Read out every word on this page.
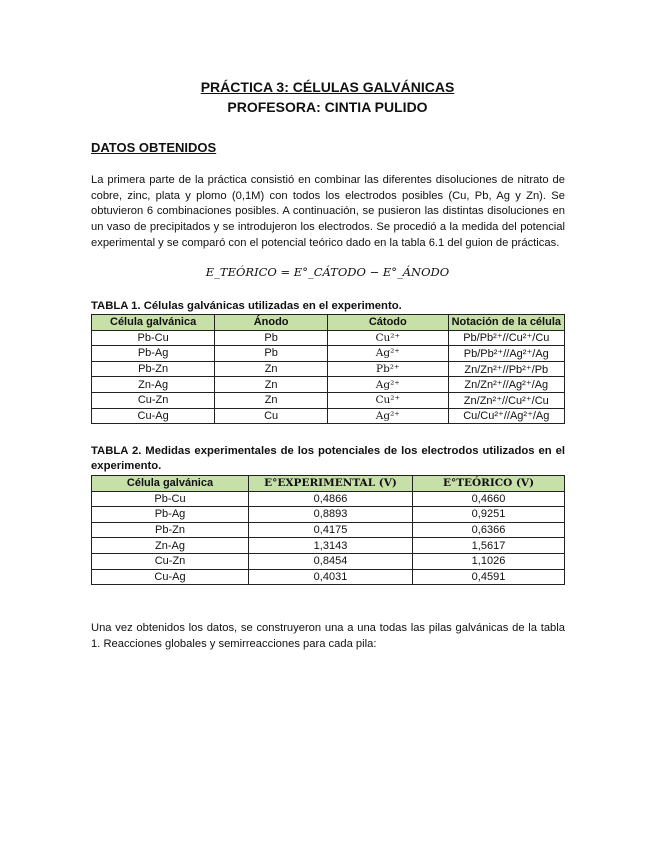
PRÁCTICA 3: CÉLULAS GALVÁNICAS
PROFESORA: CINTIA PULIDO
DATOS OBTENIDOS
La primera parte de la práctica consistió en combinar las diferentes disoluciones de nitrato de cobre, zinc, plata y plomo (0,1M) con todos los electrodos posibles (Cu, Pb, Ag y Zn). Se obtuvieron 6 combinaciones posibles. A continuación, se pusieron las distintas disoluciones en un vaso de precipitados y se introdujeron los electrodos. Se procedió a la medida del potencial experimental y se comparó con el potencial teórico dado en la tabla 6.1 del guion de prácticas.
E_TEÓRICO = E°_CÁTODO − E°_ÁNODO
TABLA 1. Células galvánicas utilizadas en el experimento.
Célula galvánica	Ánodo	Cátodo	Notación de la célula
Pb-Cu	Pb	Cu²⁺	Pb/Pb²⁺//Cu²⁺/Cu
Pb-Ag	Pb	Ag²⁺	Pb/Pb²⁺//Ag²⁺/Ag
Pb-Zn	Zn	Pb²⁺	Zn/Zn²⁺//Pb²⁺/Pb
Zn-Ag	Zn	Ag²⁺	Zn/Zn²⁺//Ag²⁺/Ag
Cu-Zn	Zn	Cu²⁺	Zn/Zn²⁺//Cu²⁺/Cu
Cu-Ag	Cu	Ag²⁺	Cu/Cu²⁺//Ag²⁺/Ag
TABLA 2. Medidas experimentales de los potenciales de los electrodos utilizados en el experimento.
Célula galvánica	E°EXPERIMENTAL (V)	E°TEÓRICO (V)
Pb-Cu	0,4866	0,4660
Pb-Ag	0,8893	0,9251
Pb-Zn	0,4175	0,6366
Zn-Ag	1,3143	1,5617
Cu-Zn	0,8454	1,1026
Cu-Ag	0,4031	0,4591
Una vez obtenidos los datos, se construyeron una a una todas las pilas galvánicas de la tabla 1. Reacciones globales y semirreacciones para cada pila:
